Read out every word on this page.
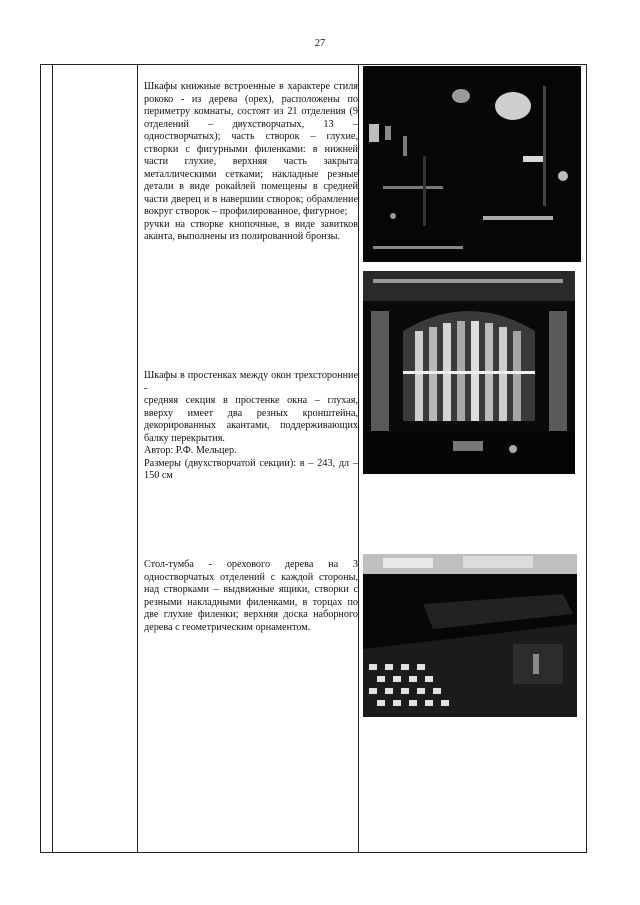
27

Шкафы книжные встроенные в характере стиля рококо - из дерева (орех), расположены по периметру комнаты, состоят из 21 отделения (9 отделений – двухстворчатых, 13 – одностворчатых); часть створок – глухие, створки с фигурными филенками: в нижней части глухие, верхняя часть закрыта металлическими сетками; накладные резные детали в виде рокайлей помещены в средней части дверец и в навершии створок; обрамление вокруг створок – профилированное, фигурное;

ручки на створке кнопочные, в виде завитков аканта, выполнены из полированной бронзы.

Шкафы в простенках между окон трехсторонние -

средняя секция в простенке окна – глухая, вверху имеет два резных кронштейна, декорированных акантами, поддерживающих балку перекрытия.

Автор: Р.Ф. Мельцер.

Размеры (двухстворчатой секции): в – 243, дл – 150 см

Стол-тумба - орехового дерева на 3 одностворчатых отделений с каждой стороны, над створками – выдвижные ящики, створки с резными накладными филенками, в торцах по две глухие филенки; верхняя доска наборного дерева с геометрическим орнаментом.
